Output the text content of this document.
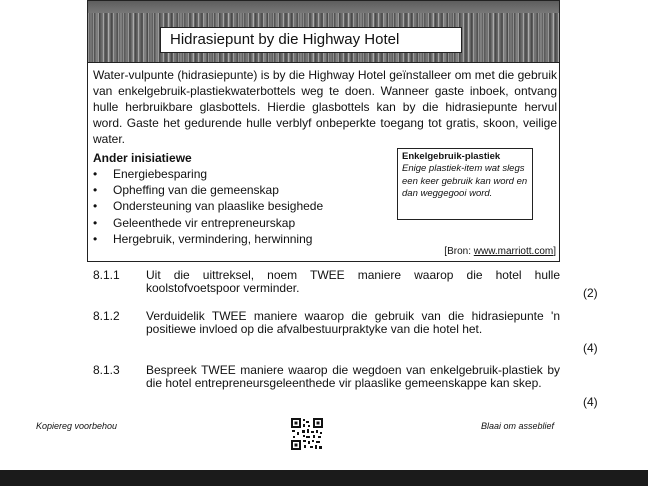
Hidrasiepunt by die Highway Hotel

Water-vulpunte (hidrasiepunte) is by die Highway Hotel geïnstalleer om met die gebruik van enkelgebruik-plastiekwaterbottels weg te doen. Wanneer gaste inboek, ontvang hulle herbruikbare glasbottels. Hierdie glasbottels kan by die hidrasiepunte hervul word. Gaste het gedurende hulle verblyf onbeperkte toegang tot gratis, skoon, veilige water.

Ander inisiatiewe
• Energiebesparing
• Opheffing van die gemeenskap
• Ondersteuning van plaaslike besighede
• Geleenthede vir entrepreneurskap
• Hergebruik, vermindering, herwinning
Enkelgebruik-plastiek
Enige plastiek-item wat slegs een keer gebruik kan word en dan weggegooi word.
[Bron: www.marriott.com]
8.1.1	Uit die uittreksel, noem TWEE maniere waarop die hotel hulle koolstofvoetspoor verminder.	(2)
8.1.2	Verduidelik TWEE maniere waarop die gebruik van die hidrasiepunte 'n positiewe invloed op die afvalbestuurpraktyke van die hotel het.
(4)
8.1.3	Bespreek TWEE maniere waarop die wegdoen van enkelgebruik-plastiek by die hotel entrepreneursgeleenthede vir plaaslike gemeenskappe kan skep.
(4)
Kopiereg voorbehou	Blaai om asseblief
